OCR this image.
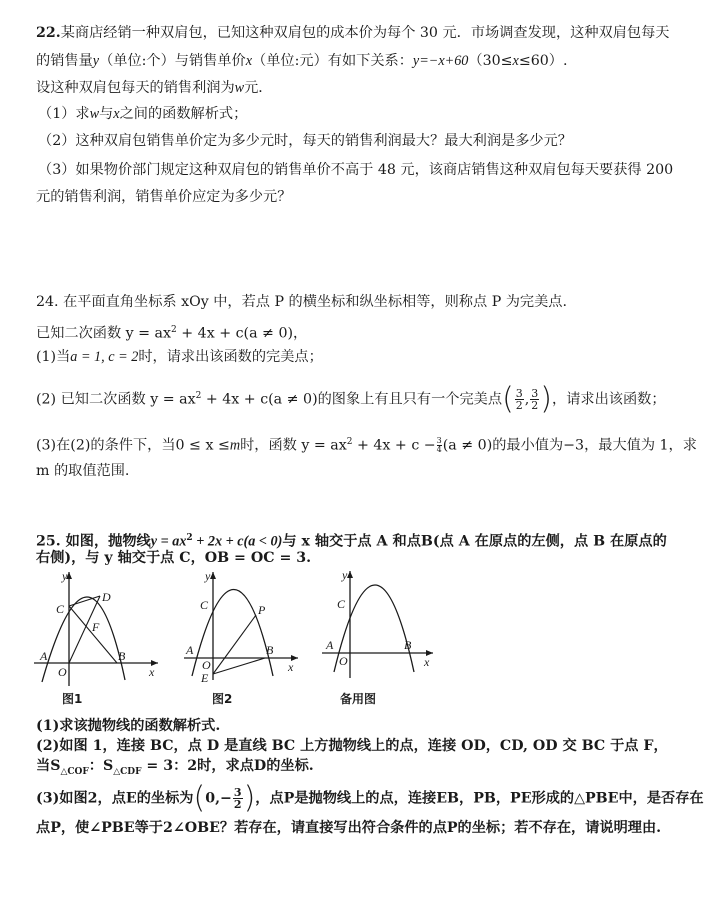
22.某商店经销一种双肩包，已知这种双肩包的成本价为每个 30 元．市场调查发现，这种双肩包每天
的销售量y（单位:个）与销售单价x（单位:元）有如下关系：y=−x+60（30≤x≤60）.
设这种双肩包每天的销售利润为w元．
（1）求w与x之间的函数解析式；
（2）这种双肩包销售单价定为多少元时，每天的销售利润最大？最大利润是多少元？
（3）如果物价部门规定这种双肩包的销售单价不高于 48 元，该商店销售这种双肩包每天要获得 200
元的销售利润，销售单价应定为多少元？
24. 在平面直角坐标系 xOy 中，若点 P 的横坐标和纵坐标相等，则称点 P 为完美点.
已知二次函数 $y = ax^2 + 4x + c(a \ne 0)$，
(1)当a = 1, c = 2时，请求出该函数的完美点；
(2) 已知二次函数 $y = ax^2 + 4x + c(a \ne 0)$的图象上有且只有一个完美点( $\frac{3}{2}$ , $\frac{3}{2}$ )，请求出该函数；
(3)在(2)的条件下，当0 ≤ x ≤m时，函数 $y = ax^2 + 4x + c - \frac{3}{4} (a \ne 0)$的最小值为−3，最大值为 1，求
m 的取值范围.
25. 如图，抛物线$y = ax^2 + 2x + c(a < 0)$与 x 轴交于点 A 和点B(点 A 在原点的左侧，点 B 在原点的
右侧)，与 y 轴交于点 C，OB = OC = 3.
y
x
A	B
C
D
F
O
图1
y
x
A	B
C	P
E
O
图2
y
x
A	B
C
O
备用图
(1)求该抛物线的函数解析式.
(2)如图 1，连接 BC，点 D 是直线 BC 上方抛物线上的点，连接 OD，CD, OD 交 BC 于点 F，
当$S_{\triangle COF}$：$S_{\triangle CDF} = 3$：2时，求点D的坐标.
(3)如图2，点E的坐标为($0,- \frac{3}{2}$ )，点P是抛物线上的点，连接EB，PB，PE形成的△PBE中，是否存在
点P，使∠PBE等于2∠OBE？若存在，请直接写出符合条件的点P的坐标；若不存在，请说明理由.
